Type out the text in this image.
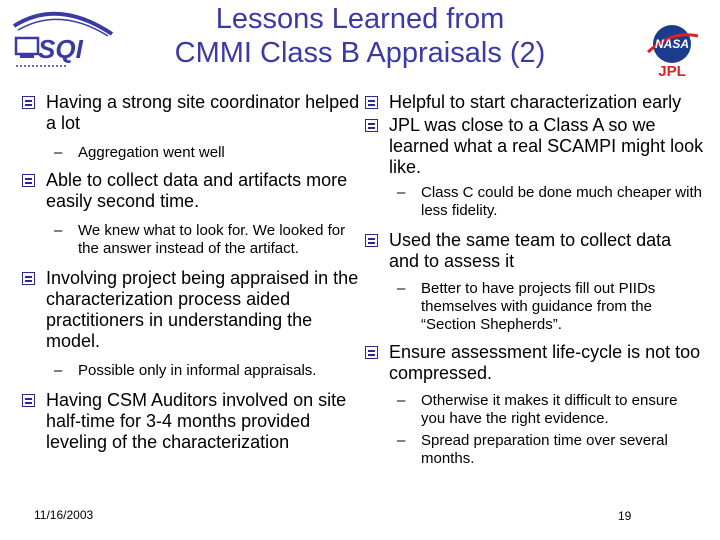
Lessons Learned from
CMMI Class B Appraisals (2)
SQI	NASA
JPL
Having a strong site coordinator helped a lot
– Aggregation went well
Able to collect data and artifacts more easily second time.
– We knew what to look for. We looked for the answer instead of the artifact.
Involving project being appraised in the characterization process aided practitioners in understanding the model.
– Possible only in informal appraisals.
Having CSM Auditors involved on site half-time for 3-4 months provided leveling of the characterization
Helpful to start characterization early
JPL was close to a Class A so we learned what a real SCAMPI might look like.
– Class C could be done much cheaper with less fidelity.
Used the same team to collect data and to assess it
– Better to have projects fill out PIIDs themselves with guidance from the “Section Shepherds”.
Ensure assessment life-cycle is not too compressed.
– Otherwise it makes it difficult to ensure you have the right evidence.
– Spread preparation time over several months.
11/16/2003	19
